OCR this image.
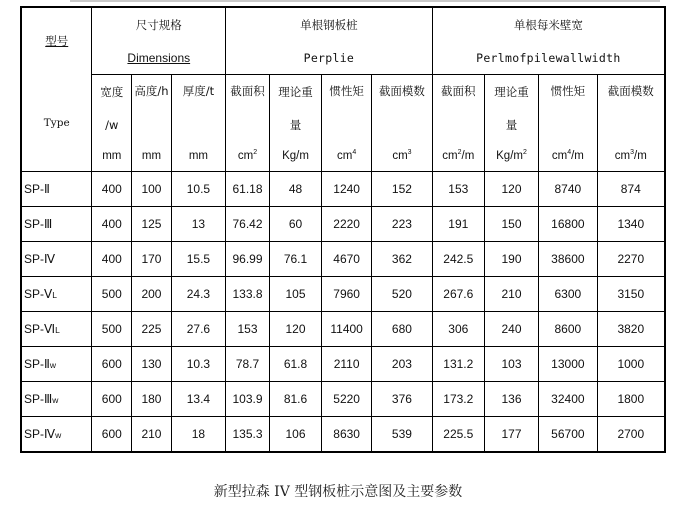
型号	尺寸规格			单根钢板桩				单根每米壁宽			
	Dimensions			Perplie				Perlmofpilewallwidth			
Type	宽度	高度/h	厚度/t	截面积	理论重	惯性矩	截面模数	截面积	理论重	惯性矩	截面模数
	/w				量				量		
	mm	mm	mm	$cm^2$	Kg/m	$cm^4$	$cm^3$	$cm^2/m$	$Kg/m^2$	$cm^4/m$	$cm^3/m$
SP-Ⅱ	400	100	10.5	61.18	48	1240	152	153	120	8740	874
SP-Ⅲ	400	125	13	76.42	60	2220	223	191	150	16800	1340
SP-Ⅳ	400	170	15.5	96.99	76.1	4670	362	242.5	190	38600	2270
SP-ⅤL	500	200	24.3	133.8	105	7960	520	267.6	210	6300	3150
SP-ⅥL	500	225	27.6	153	120	11400	680	306	240	8600	3820
SP-Ⅱw	600	130	10.3	78.7	61.8	2110	203	131.2	103	13000	1000
SP-Ⅲw	600	180	13.4	103.9	81.6	5220	376	173.2	136	32400	1800
SP-Ⅳw	600	210	18	135.3	106	8630	539	225.5	177	56700	2700
新型拉森 IV 型钢板桩示意图及主要参数
